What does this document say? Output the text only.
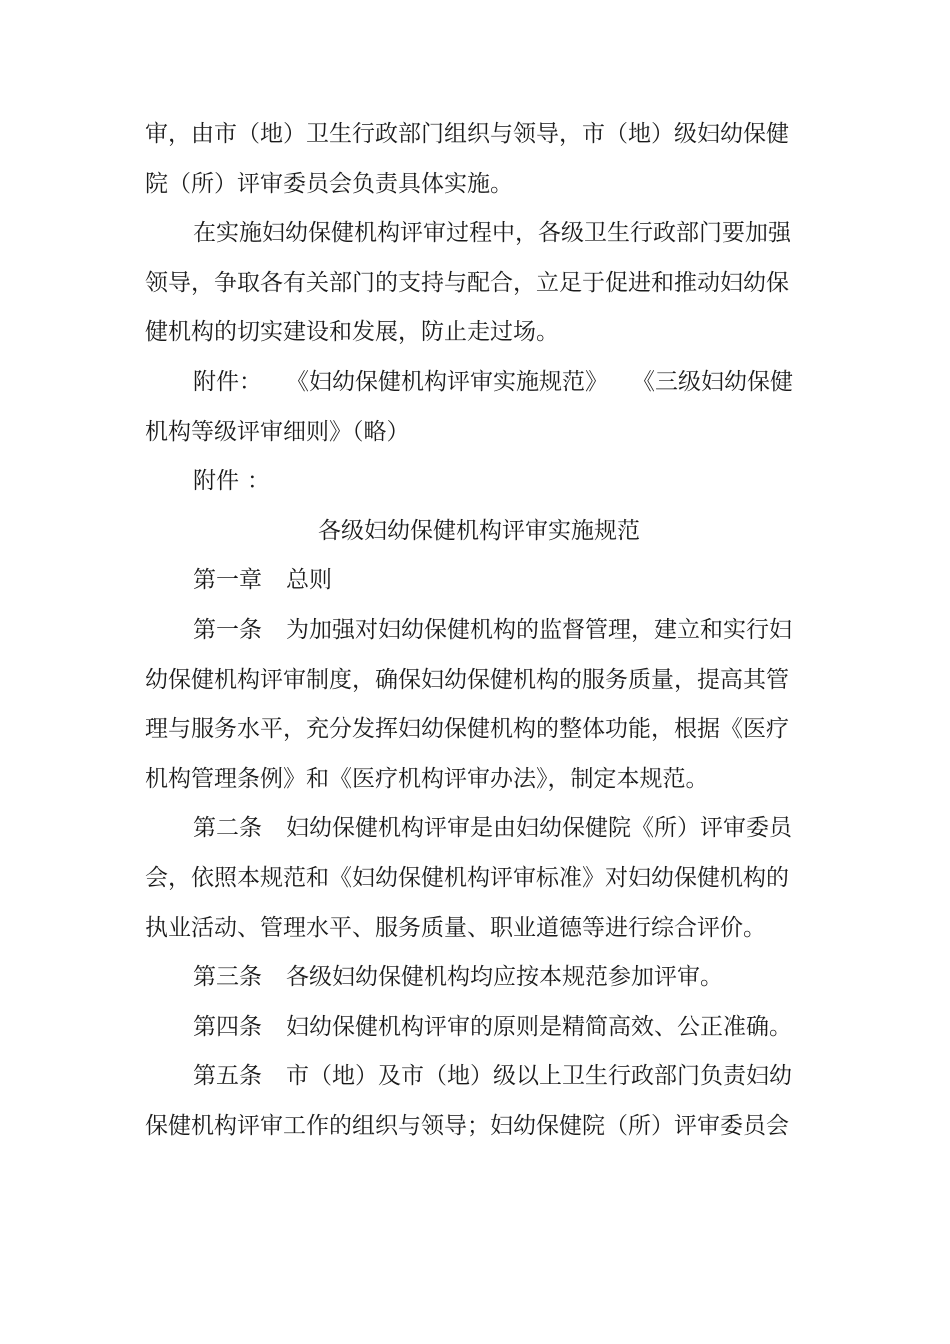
审，由市（地）卫生行政部门组织与领导，市（地）级妇幼保健
院（所）评审委员会负责具体实施。

在实施妇幼保健机构评审过程中，各级卫生行政部门要加强
领导，争取各有关部门的支持与配合，立足于促进和推动妇幼保
健机构的切实建设和发展，防止走过场。

附件： 《妇幼保健机构评审实施规范》 《三级妇幼保健
机构等级评审细则》（略）

附件 ：

各级妇幼保健机构评审实施规范

第一章 总则

第一条 为加强对妇幼保健机构的监督管理，建立和实行妇
幼保健机构评审制度，确保妇幼保健机构的服务质量，提高其管
理与服务水平，充分发挥妇幼保健机构的整体功能，根据《医疗
机构管理条例》和《医疗机构评审办法》，制定本规范。

第二条 妇幼保健机构评审是由妇幼保健院《所）评审委员
会，依照本规范和《妇幼保健机构评审标准》对妇幼保健机构的
执业活动、管理水平、服务质量、职业道德等进行综合评价。

第三条 各级妇幼保健机构均应按本规范参加评审。

第四条 妇幼保健机构评审的原则是精简高效、公正准确。

第五条 市（地）及市（地）级以上卫生行政部门负责妇幼
保健机构评审工作的组织与领导；妇幼保健院（所）评审委员会
